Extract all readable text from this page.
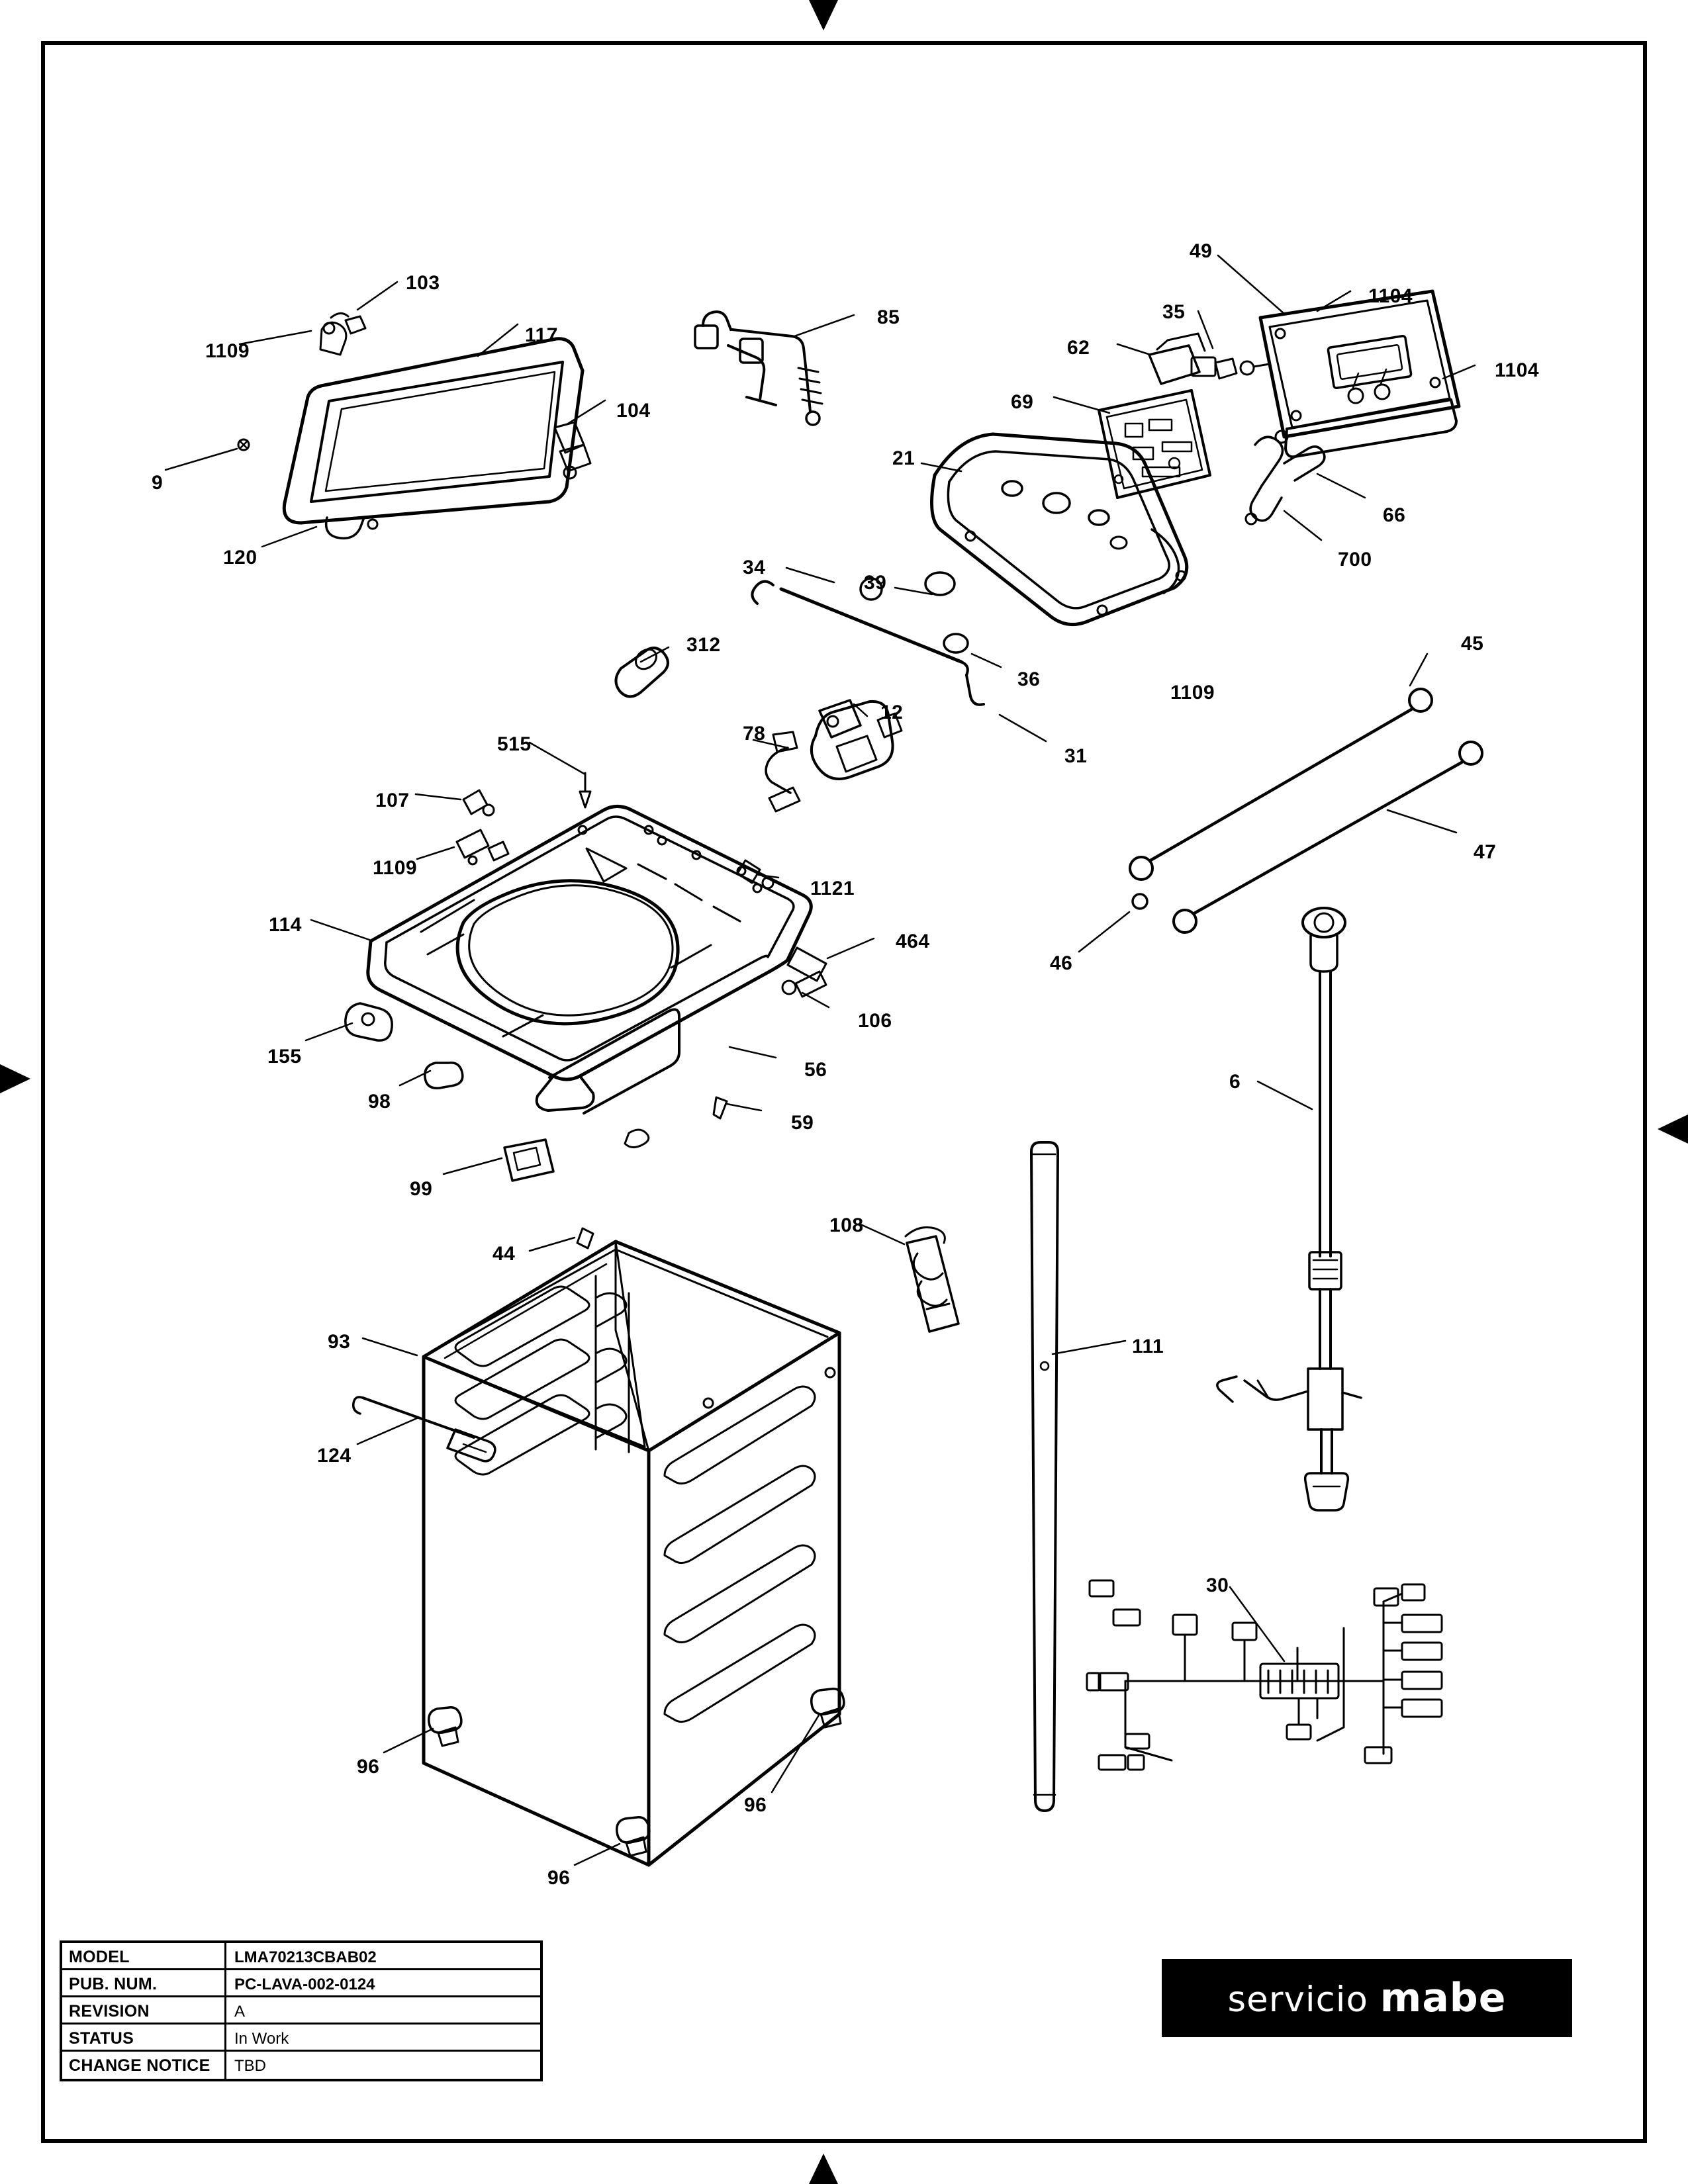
103
1109
117
104
9
120
85
62
35
49
1104
1104
69
21
66
700
39
34
36
1109
31
312
78
12
515
107
1109
114
155
98
99
1121
464
106
56
59
45
47
46
6
111
44
108
93
124
96
96
96
30
MODEL	LMA70213CBAB02
PUB. NUM.	PC-LAVA-002-0124
REVISION	A
STATUS	In Work
CHANGE NOTICE	TBD
servicio mabe
